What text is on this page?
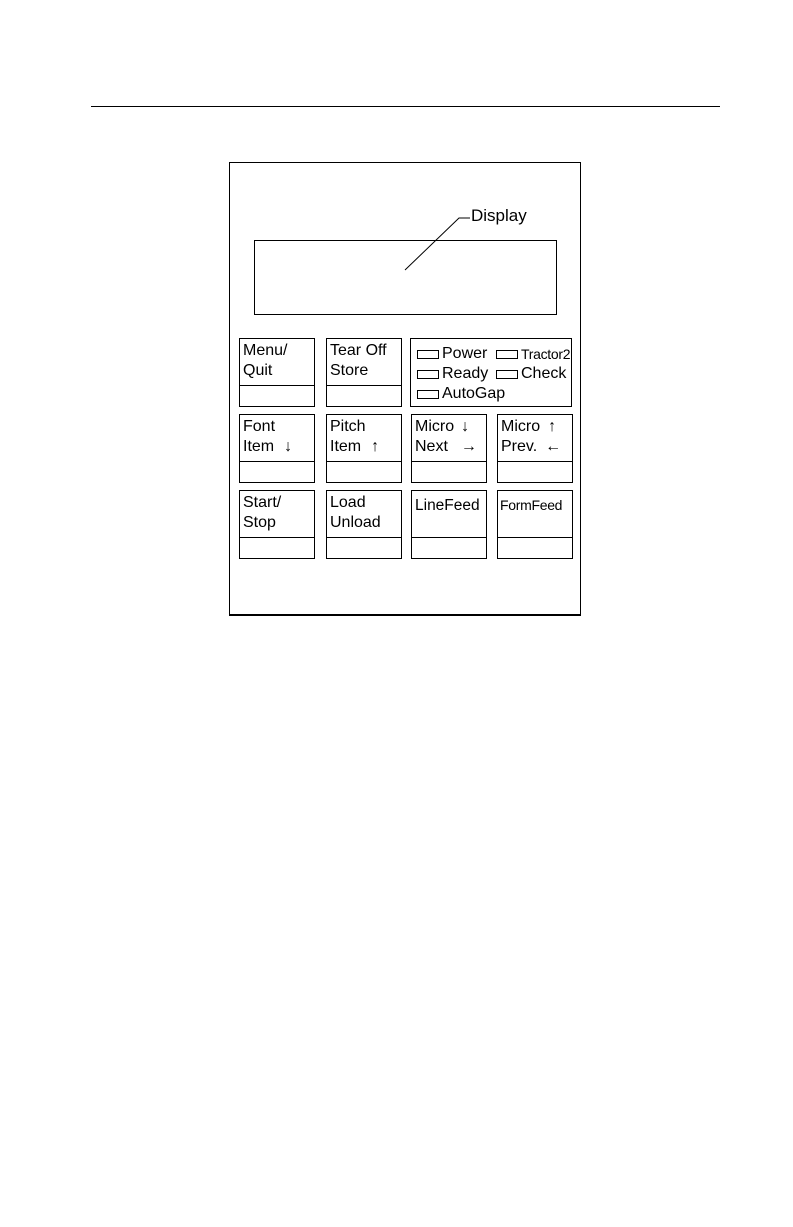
Display
Menu/
Quit
Tear Off
Store
Power Tractor2
Ready Check
AutoGap
Font
Item ↓
Pitch
Item ↑
Micro ↓
Next →
Micro ↑
Prev. ←
Start/
Stop
Load
Unload
LineFeed	FormFeed
